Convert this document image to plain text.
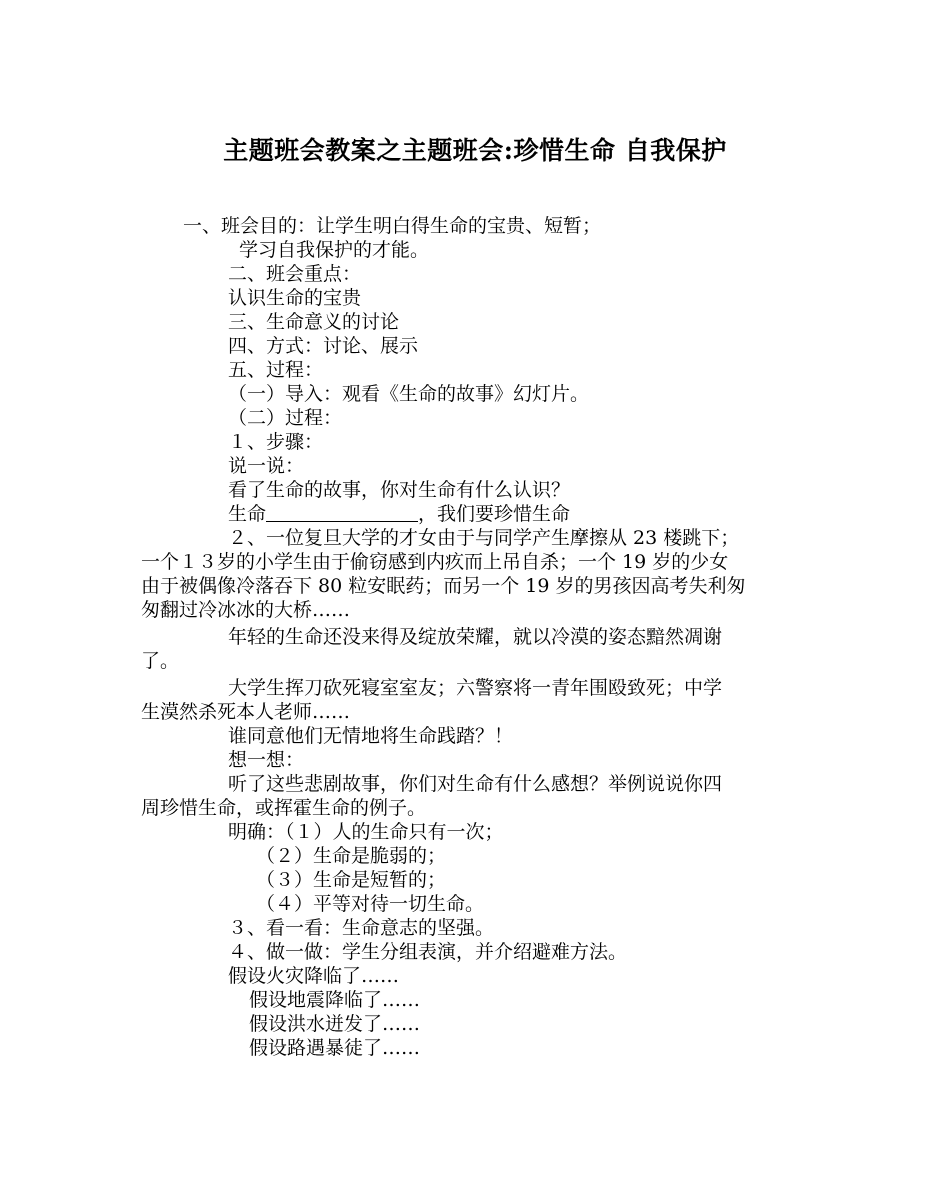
主题班会教案之主题班会:珍惜生命 自我保护
一、班会目的：让学生明白得生命的宝贵、短暂；
学习自我保护的才能。
二、班会重点：
认识生命的宝贵
三、生命意义的讨论
四、方式：讨论、展示
五、过程：
（一）导入：观看《生命的故事》幻灯片。
（二）过程：
１、步骤：
说一说：
看了生命的故事，你对生命有什么认识？
生命	，我们要珍惜生命
２、一位复旦大学的才女由于与同学产生摩擦从 23 楼跳下；
一个１３岁的小学生由于偷窃感到内疚而上吊自杀；一个 19 岁的少女
由于被偶像冷落吞下 80 粒安眠药；而另一个 19 岁的男孩因高考失利匆
匆翻过冷冰冰的大桥……
年轻的生命还没来得及绽放荣耀，就以冷漠的姿态黯然凋谢
了。
大学生挥刀砍死寝室室友；六警察将一青年围殴致死；中学
生漠然杀死本人老师……
谁同意他们无情地将生命践踏？！
想一想：
听了这些悲剧故事，你们对生命有什么感想？举例说说你四
周珍惜生命，或挥霍生命的例子。
明确：（１）人的生命只有一次；
（２）生命是脆弱的；
（３）生命是短暂的；
（４）平等对待一切生命。
３、看一看：生命意志的坚强。
４、做一做：学生分组表演，并介绍避难方法。
假设火灾降临了……
假设地震降临了……
假设洪水迸发了……
假设路遇暴徒了……
